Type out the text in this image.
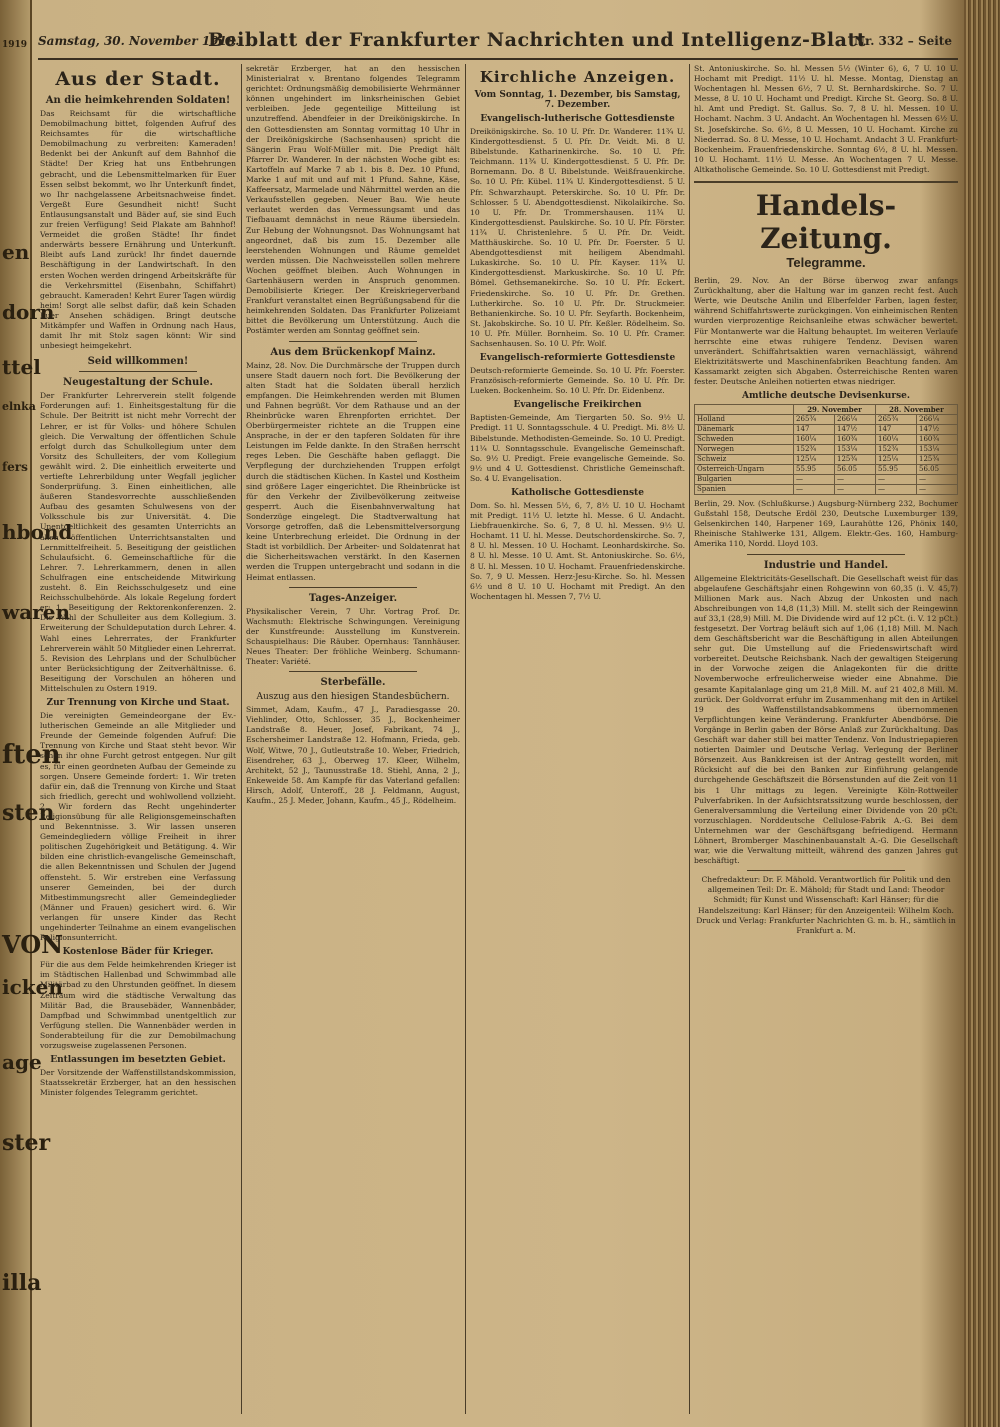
1919
en
dorn
ttel
elnka
fers
hbond
waren
ften
sten
VON
icken
age
ster
illa
Samstag, 30. November 1918.
Beiblatt der Frankfurter Nachrichten und Intelligenz-Blatt
Nr. 332 – Seite
Aus der Stadt.
An die heimkehrenden Soldaten!

Das Reichsamt für die wirtschaftliche Demobilmachung bittet, folgenden Aufruf des Reichsamtes für die wirtschaftliche Demobilmachung zu verbreiten: Kameraden! Bedenkt bei der Ankunft auf dem Bahnhof die Städte! Der Krieg hat uns Entbehrungen gebracht, und die Lebensmittelmarken für Euer Essen selbst bekommt, wo Ihr Unterkunft findet, wo Ihr nachgelassene Arbeitsnachweise findet. Vergeßt Eure Gesundheit nicht! Sucht Entlausungsanstalt und Bäder auf, sie sind Euch zur freien Verfügung! Seid Plakate am Bahnhof! Vermeidet die großen Städte! Ihr findet anderwärts bessere Ernährung und Unterkunft. Bleibt aufs Land zurück! Ihr findet dauernde Beschäftigung in der Landwirtschaft. In den ersten Wochen werden dringend Arbeitskräfte für die Verkehrsmittel (Eisenbahn, Schiffahrt) gebraucht. Kameraden! Kehrt Eurer Tagen würdig heim! Sorgt alle selbst dafür, daß kein Schaden Euer Ansehen schädigen. Bringt deutsche Mitkämpfer und Waffen in Ordnung nach Haus, damit Ihr mit Stolz sagen könnt: Wir sind unbesiegt heimgekehrt.

Seid willkommen!
Neugestaltung der Schule.

Der Frankfurter Lehrerverein stellt folgende Forderungen auf: 1. Einheitsgestaltung für die Schule. Der Beitritt ist nicht mehr Vorrecht der Lehrer, er ist für Volks- und höhere Schulen gleich. Die Verwaltung der öffentlichen Schule erfolgt durch das Schulkollegium unter dem Vorsitz des Schulleiters, der vom Kollegium gewählt wird. 2. Die einheitlich erweiterte und vertiefte Lehrerbildung unter Wegfall jeglicher Sonderprüfung. 3. Einen einheitlichen, alle äußeren Standesvorrechte ausschließenden Aufbau des gesamten Schulwesens von der Volksschule bis zur Universität. 4. Die Unentgeltlichkeit des gesamten Unterrichts an allen öffentlichen Unterrichtsanstalten und Lernmittelfreiheit. 5. Beseitigung der geistlichen Schulaufsicht. 6. Gemeinschaftliche für die Lehrer. 7. Lehrerkammern, denen in allen Schulfragen eine entscheidende Mitwirkung zusteht. 8. Ein Reichsschulgesetz und eine Reichsschulbehörde. Als lokale Regelung fordert er: 1. Beseitigung der Rektorenkonferenzen. 2. Die Wahl der Schulleiter aus dem Kollegium. 3. Erweiterung der Schuldeputation durch Lehrer. 4. Wahl eines Lehrerrates, der Frankfurter Lehrerverein wählt 50 Mitglieder einen Lehrerrat. 5. Revision des Lehrplans und der Schulbücher unter Berücksichtigung der Zeitverhältnisse. 6. Beseitigung der Vorschulen an höheren und Mittelschulen zu Ostern 1919.

Zur Trennung von Kirche und Staat.

Die vereinigten Gemeindeorgane der Ev.-lutherischen Gemeinde an alle Mitglieder und Freunde der Gemeinde folgenden Aufruf: Die Trennung von Kirche und Staat steht bevor. Wir sehen ihr ohne Furcht getrost entgegen. Nur gilt es, für einen geordneten Aufbau der Gemeinde zu sorgen. Unsere Gemeinde fordert: 1. Wir treten dafür ein, daß die Trennung von Kirche und Staat sich friedlich, gerecht und wohlwollend vollzieht. 2. Wir fordern das Recht ungehinderter Religionsübung für alle Religionsgemeinschaften und Bekenntnisse. 3. Wir lassen unseren Gemeindegliedern völlige Freiheit in ihrer politischen Zugehörigkeit und Betätigung. 4. Wir bilden eine christlich-evangelische Gemeinschaft, die allen Bekenntnissen und Schulen der Jugend offensteht. 5. Wir erstreben eine Verfassung unserer Gemeinden, bei der durch Mitbestimmungsrecht aller Gemeindeglieder (Männer und Frauen) gesichert wird. 6. Wir verlangen für unsere Kinder das Recht ungehinderter Teilnahme an einem evangelischen Religionsunterricht.

Kostenlose Bäder für Krieger.

Für die aus dem Felde heimkehrenden Krieger ist im Städtischen Hallenbad und Schwimmbad alle Militärbad zu den Uhrstunden geöffnet. In diesem Zeitraum wird die städtische Verwaltung das Militär Bad, die Brausebäder, Wannenbäder, Dampfbad und Schwimmbad unentgeltlich zur Verfügung stellen. Die Wannenbäder werden in Sonderabteilung für die zur Demobilmachung vorzugsweise zugelassenen Personen.

Entlassungen im besetzten Gebiet.

Der Vorsitzende der Waffenstillstandskommission, Staatssekretär Erzberger, hat an den hessischen Minister folgendes Telegramm gerichtet.

sekretär Erzberger, hat an den hessischen Ministerialrat v. Brentano folgendes Telegramm gerichtet: Ordnungsmäßig demobilisierte Wehrmänner können ungehindert im linksrheinischen Gebiet verbleiben. Jede gegenteilige Mitteilung ist unzutreffend. Abendfeier in der Dreikönigskirche. In den Gottesdiensten am Sonntag vormittag 10 Uhr in der Dreikönigskirche (Sachsenhausen) spricht die Sängerin Frau Wolf-Müller mit. Die Predigt hält Pfarrer Dr. Wanderer. In der nächsten Woche gibt es: Kartoffeln auf Marke 7 ab 1. bis 8. Dez. 10 Pfund, Marke 1 auf mit und auf mit 1 Pfund. Sahne, Käse, Kaffeersatz, Marmelade und Nährmittel werden an die Verkaufsstellen gegeben. Neuer Bau. Wie heute verlautet werden das Vermessungsamt und das Tiefbauamt demnächst in neue Räume übersiedeln. Zur Hebung der Wohnungsnot. Das Wohnungsamt hat angeordnet, daß bis zum 15. Dezember alle leerstehenden Wohnungen und Räume gemeldet werden müssen. Die Nachweisstellen sollen mehrere Wochen geöffnet bleiben. Auch Wohnungen in Gartenhäusern werden in Anspruch genommen. Demobilisierte Krieger. Der Kreiskriegerverband Frankfurt veranstaltet einen Begrüßungsabend für die heimkehrenden Soldaten. Das Frankfurter Polizeiamt bittet die Bevölkerung um Unterstützung. Auch die Postämter werden am Sonntag geöffnet sein.

Aus dem Brückenkopf Mainz.

Mainz, 28. Nov. Die Durchmärsche der Truppen durch unsere Stadt dauern noch fort. Die Bevölkerung der alten Stadt hat die Soldaten überall herzlich empfangen. Die Heimkehrenden werden mit Blumen und Fahnen begrüßt. Vor dem Rathause und an der Rheinbrücke waren Ehrenpforten errichtet. Der Oberbürgermeister richtete an die Truppen eine Ansprache, in der er den tapferen Soldaten für ihre Leistungen im Felde dankte. In den Straßen herrscht reges Leben. Die Geschäfte haben geflaggt. Die Verpflegung der durchziehenden Truppen erfolgt durch die städtischen Küchen. In Kastel und Kostheim sind größere Lager eingerichtet. Die Rheinbrücke ist für den Verkehr der Zivilbevölkerung zeitweise gesperrt. Auch die Eisenbahnverwaltung hat Sonderzüge eingelegt. Die Stadtverwaltung hat Vorsorge getroffen, daß die Lebensmittelversorgung keine Unterbrechung erleidet. Die Ordnung in der Stadt ist vorbildlich. Der Arbeiter- und Soldatenrat hat die Sicherheitswachen verstärkt. In den Kasernen werden die Truppen untergebracht und sodann in die Heimat entlassen.

Tages-Anzeiger.

Physikalischer Verein, 7 Uhr. Vortrag Prof. Dr. Wachsmuth: Elektrische Schwingungen. Vereinigung der Kunstfreunde: Ausstellung im Kunstverein. Schauspielhaus: Die Räuber. Opernhaus: Tannhäuser. Neues Theater: Der fröhliche Weinberg. Schumann-Theater: Variété.

Sterbefälle.
Auszug aus den hiesigen Standesbüchern.

Simmet, Adam, Kaufm., 47 J., Paradiesgasse 20. Viehlinder, Otto, Schlosser, 35 J., Bockenheimer Landstraße 8. Heuer, Josef, Fabrikant, 74 J., Eschersheimer Landstraße 12. Hofmann, Frieda, geb. Wolf, Witwe, 70 J., Gutleutstraße 10. Weber, Friedrich, Eisendreher, 63 J., Oberweg 17. Kleer, Wilhelm, Architekt, 52 J., Taunusstraße 18. Stiehl, Anna, 2 J., Enkeweide 58. Am Kampfe für das Vaterland gefallen: Hirsch, Adolf, Unteroff., 28 J. Feldmann, August, Kaufm., 25 J. Meder, Johann, Kaufm., 45 J., Rödelheim.

Kirchliche Anzeigen.
Vom Sonntag, 1. Dezember, bis Samstag, 7. Dezember.
Evangelisch-lutherische Gottesdienste

Dreikönigskirche. So. 10 U. Pfr. Dr. Wanderer. 11¾ U. Kindergottesdienst. 5 U. Pfr. Dr. Veidt. Mi. 8 U. Bibelstunde. Katharinenkirche. So. 10 U. Pfr. Teichmann. 11¾ U. Kindergottesdienst. 5 U. Pfr. Dr. Bornemann. Do. 8 U. Bibelstunde. Weißfrauenkirche. So. 10 U. Pfr. Kübel. 11¾ U. Kindergottesdienst. 5 U. Pfr. Schwarzhaupt. Peterskirche. So. 10 U. Pfr. Dr. Schlosser. 5 U. Abendgottesdienst. Nikolaikirche. So. 10 U. Pfr. Dr. Trommershausen. 11¾ U. Kindergottesdienst. Paulskirche. So. 10 U. Pfr. Förster. 11¾ U. Christenlehre. 5 U. Pfr. Dr. Veidt. Matthäuskirche. So. 10 U. Pfr. Dr. Foerster. 5 U. Abendgottesdienst mit heiligem Abendmahl. Lukaskirche. So. 10 U. Pfr. Kayser. 11¾ U. Kindergottesdienst. Markuskirche. So. 10 U. Pfr. Bömel. Gethsemanekirche. So. 10 U. Pfr. Eckert. Friedenskirche. So. 10 U. Pfr. Dr. Grethen. Lutherkirche. So. 10 U. Pfr. Dr. Struckmeier. Bethanienkirche. So. 10 U. Pfr. Seyfarth. Bockenheim, St. Jakobskirche. So. 10 U. Pfr. Keßler. Rödelheim. So. 10 U. Pfr. Müller. Bornheim. So. 10 U. Pfr. Cramer. Sachsenhausen. So. 10 U. Pfr. Wolf.

Evangelisch-reformierte Gottesdienste

Deutsch-reformierte Gemeinde. So. 10 U. Pfr. Foerster. Französisch-reformierte Gemeinde. So. 10 U. Pfr. Dr. Lueken. Bockenheim. So. 10 U. Pfr. Dr. Eidenbenz.

Evangelische Freikirchen

Baptisten-Gemeinde, Am Tiergarten 50. So. 9½ U. Predigt. 11 U. Sonntagsschule. 4 U. Predigt. Mi. 8½ U. Bibelstunde. Methodisten-Gemeinde. So. 10 U. Predigt. 11¼ U. Sonntagsschule. Evangelische Gemeinschaft. So. 9½ U. Predigt. Freie evangelische Gemeinde. So. 9½ und 4 U. Gottesdienst. Christliche Gemeinschaft. So. 4 U. Evangelisation.

Katholische Gottesdienste

Dom. So. hl. Messen 5½, 6, 7, 8½ U. 10 U. Hochamt mit Predigt. 11½ U. letzte hl. Messe. 6 U. Andacht. Liebfrauenkirche. So. 6, 7, 8 U. hl. Messen. 9½ U. Hochamt. 11 U. hl. Messe. Deutschordenskirche. So. 7, 8 U. hl. Messen. 10 U. Hochamt. Leonhardskirche. So. 8 U. hl. Messe. 10 U. Amt. St. Antoniuskirche. So. 6½, 8 U. hl. Messen. 10 U. Hochamt. Frauenfriedenskirche. So. 7, 9 U. Messen. Herz-Jesu-Kirche. So. hl. Messen 6½ und 8 U. 10 U. Hochamt mit Predigt. An den Wochentagen hl. Messen 7, 7½ U.

St. Antoniuskirche. So. hl. Messen 5½ (Winter 6), 6, 7 U. 10 U. Hochamt mit Predigt. 11½ U. hl. Messe. Montag, Dienstag an Wochentagen hl. Messen 6½, 7 U. St. Bernhardskirche. So. 7 U. Messe, 8 U. 10 U. Hochamt und Predigt. Kirche St. Georg. So. 8 U. hl. Amt und Predigt. St. Gallus. So. 7, 8 U. hl. Messen. 10 U. Hochamt. Nachm. 3 U. Andacht. An Wochentagen hl. Messen 6½ U. St. Josefskirche. So. 6½, 8 U. Messen, 10 U. Hochamt. Kirche zu Niederrad. So. 8 U. Messe, 10 U. Hochamt. Andacht 3 U. Frankfurt-Bockenheim. Frauenfriedenskirche. Sonntag 6½, 8 U. hl. Messen. 10 U. Hochamt. 11½ U. Messe. An Wochentagen 7 U. Messe. Altkatholische Gemeinde. So. 10 U. Gottesdienst mit Predigt.

Handels-Zeitung.
Telegramme.

Berlin, 29. Nov. An der Börse überwog zwar anfangs Zurückhaltung, aber die Haltung war im ganzen recht fest. Auch Werte, wie Deutsche Anilin und Elberfelder Farben, lagen fester, während Schiffahrtswerte zurückgingen. Von einheimischen Renten wurden vierprozentige Reichsanleihe etwas schwächer bewertet. Für Montanwerte war die Haltung behauptet. Im weiteren Verlaufe herrschte eine etwas ruhigere Tendenz. Devisen waren unverändert. Schiffahrtsaktien waren vernachlässigt, während Elektrizitätswerte und Maschinenfabriken Beachtung fanden. Am Kassamarkt zeigten sich Abgaben. Österreichische Renten waren fester. Deutsche Anleihen notierten etwas niedriger.

Amtliche deutsche Devisenkurse.
	29. November		28. November	
Holland	265¾	266¼	265¾	266¼
Dänemark	147	147½	147	147½
Schweden	160¼	160¾	160¼	160¾
Norwegen	152¾	153¼	152¾	153¼
Schweiz	125¼	125¾	125¼	125¾
Österreich-Ungarn	55.95	56.05	55.95	56.05
Bulgarien	—	—	—	—
Spanien	—	—	—	—

Berlin, 29. Nov. (Schlußkurse.) Augsburg-Nürnberg 232, Bochumer Gußstahl 158, Deutsche Erdöl 230, Deutsche Luxemburger 139, Gelsenkirchen 140, Harpener 169, Laurahütte 126, Phönix 140, Rheinische Stahlwerke 131, Allgem. Elektr.-Ges. 160, Hamburg-Amerika 110, Nordd. Lloyd 103.

Industrie und Handel.

Allgemeine Elektricitäts-Gesellschaft. Die Gesellschaft weist für das abgelaufene Geschäftsjahr einen Rohgewinn von 60,35 (i. V. 45,7) Millionen Mark aus. Nach Abzug der Unkosten und nach Abschreibungen von 14,8 (11,3) Mill. M. stellt sich der Reingewinn auf 33,1 (28,9) Mill. M. Die Dividende wird auf 12 pCt. (i. V. 12 pCt.) festgesetzt. Der Vortrag beläuft sich auf 1,06 (1,18) Mill. M. Nach dem Geschäftsbericht war die Beschäftigung in allen Abteilungen sehr gut. Die Umstellung auf die Friedenswirtschaft wird vorbereitet. Deutsche Reichsbank. Nach der gewaltigen Steigerung in der Vorwoche zeigen die Anlagekonten für die dritte Novemberwoche erfreulicherweise wieder eine Abnahme. Die gesamte Kapitalanlage ging um 21,8 Mill. M. auf 21 402,8 Mill. M. zurück. Der Goldvorrat erfuhr im Zusammenhang mit den in Artikel 19 des Waffenstillstandsabkommens übernommenen Verpflichtungen keine Veränderung. Frankfurter Abendbörse. Die Vorgänge in Berlin gaben der Börse Anlaß zur Zurückhaltung. Das Geschäft war daher still bei matter Tendenz. Von Industriepapieren notierten Daimler und Deutsche Verlag. Verlegung der Berliner Börsenzeit. Aus Bankkreisen ist der Antrag gestellt worden, mit Rücksicht auf die bei den Banken zur Einführung gelangende durchgehende Geschäftszeit die Börsenstunden auf die Zeit von 11 bis 1 Uhr mittags zu legen. Vereinigte Köln-Rottweiler Pulverfabriken. In der Aufsichtsratssitzung wurde beschlossen, der Generalversammlung die Verteilung einer Dividende von 20 pCt. vorzuschlagen. Norddeutsche Cellulose-Fabrik A.-G. Bei dem Unternehmen war der Geschäftsgang befriedigend. Hermann Löhnert, Bromberger Maschinenbauanstalt A.-G. Die Gesellschaft war, wie die Verwaltung mitteilt, während des ganzen Jahres gut beschäftigt.

Chefredakteur: Dr. F. Mähold. Verantwortlich für Politik und den allgemeinen Teil: Dr. E. Mähold; für Stadt und Land: Theodor Schmidt; für Kunst und Wissenschaft: Karl Hänser; für die Handelszeitung: Karl Hänser; für den Anzeigenteil: Wilhelm Koch. Druck und Verlag: Frankfurter Nachrichten G. m. b. H., sämtlich in Frankfurt a. M.
